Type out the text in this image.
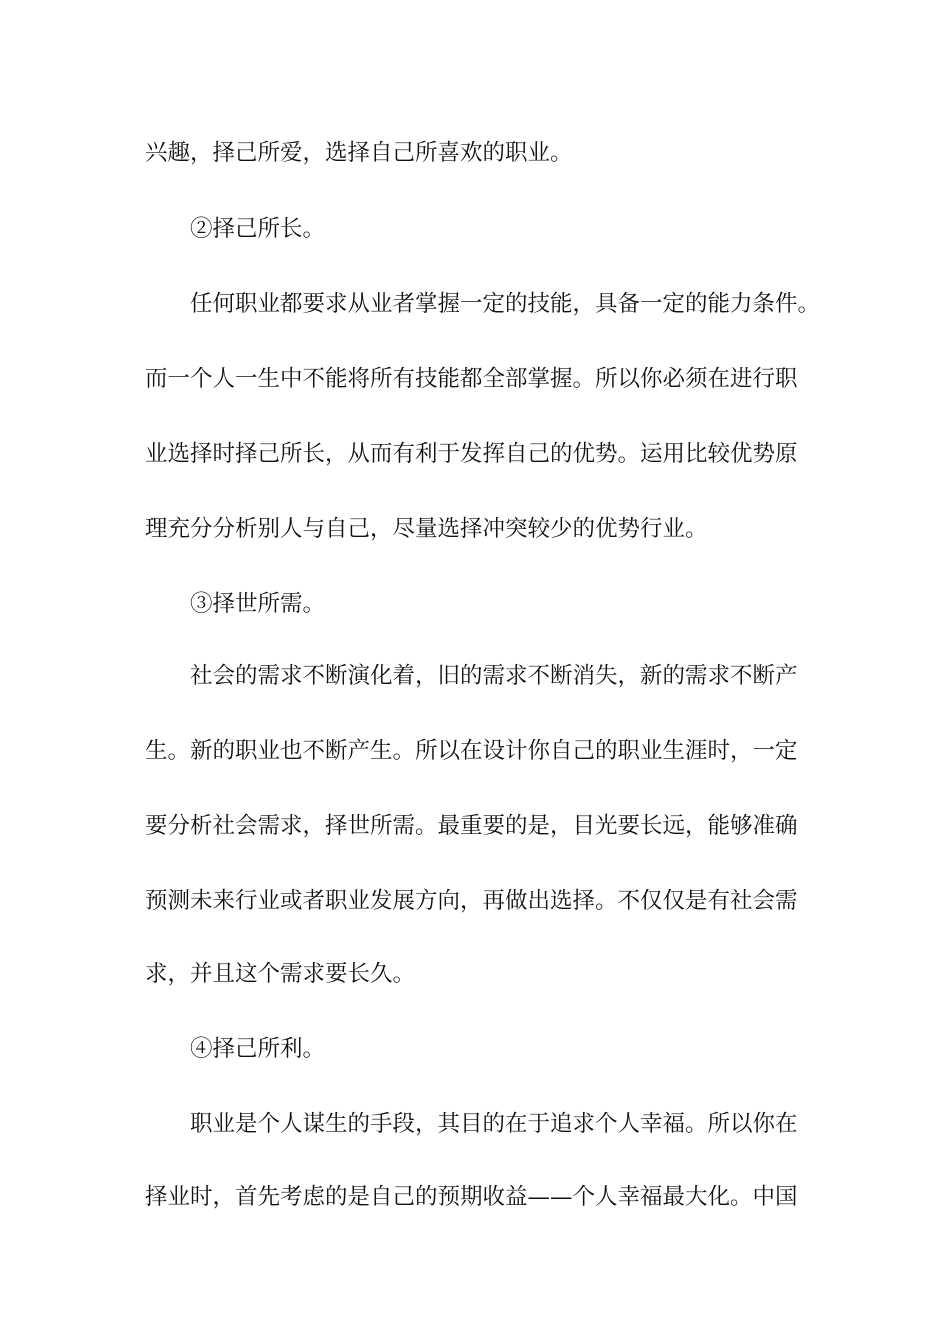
兴趣，择己所爱，选择自己所喜欢的职业。
②择己所长。
任何职业都要求从业者掌握一定的技能，具备一定的能力条件。
而一个人一生中不能将所有技能都全部掌握。所以你必须在进行职
业选择时择己所长，从而有利于发挥自己的优势。运用比较优势原
理充分分析别人与自己，尽量选择冲突较少的优势行业。
③择世所需。
社会的需求不断演化着，旧的需求不断消失，新的需求不断产
生。新的职业也不断产生。所以在设计你自己的职业生涯时，一定
要分析社会需求，择世所需。最重要的是，目光要长远，能够准确
预测未来行业或者职业发展方向，再做出选择。不仅仅是有社会需
求，并且这个需求要长久。
④择己所利。
职业是个人谋生的手段，其目的在于追求个人幸福。所以你在
择业时，首先考虑的是自己的预期收益——个人幸福最大化。中国
